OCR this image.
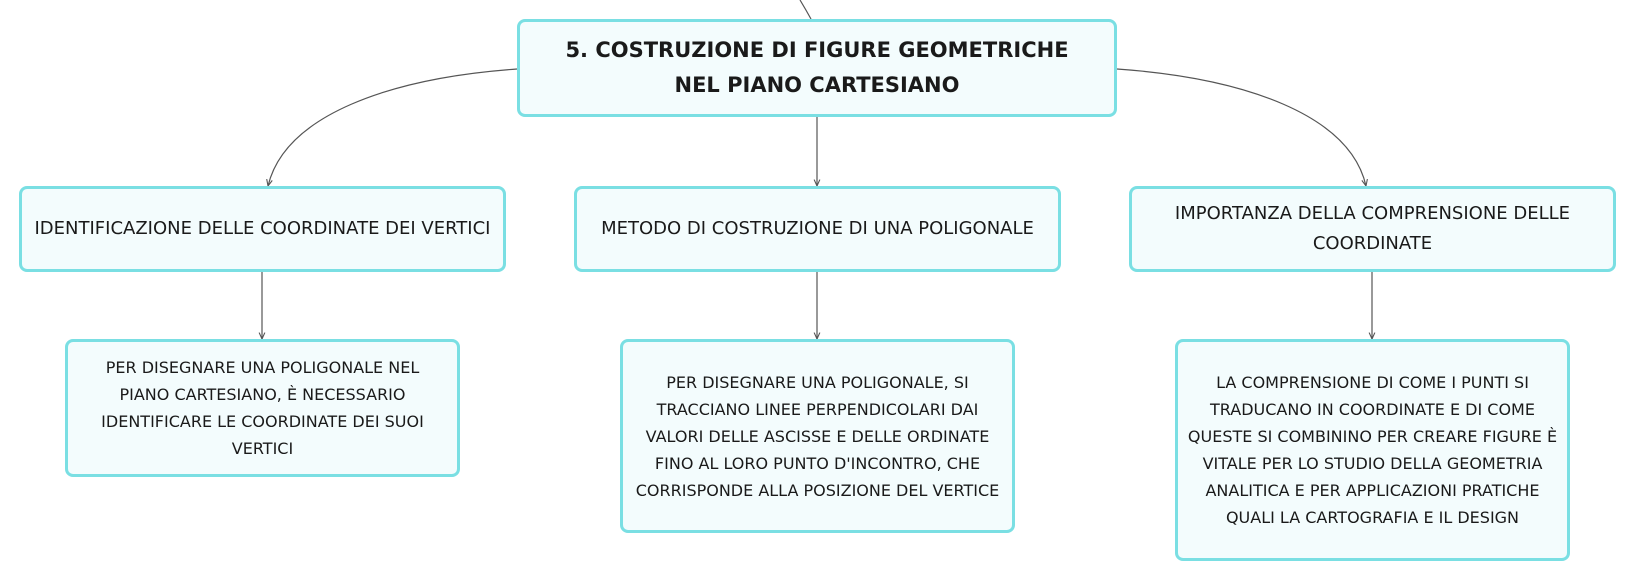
5. COSTRUZIONE DI FIGURE GEOMETRICHE NEL PIANO CARTESIANO
IDENTIFICAZIONE DELLE COORDINATE DEI VERTICI	METODO DI COSTRUZIONE DI UNA POLIGONALE
IMPORTANZA DELLA COMPRENSIONE DELLE COORDINATE
PER DISEGNARE UNA POLIGONALE NEL PIANO CARTESIANO, È NECESSARIO IDENTIFICARE LE COORDINATE DEI SUOI VERTICI
PER DISEGNARE UNA POLIGONALE, SI TRACCIANO LINEE PERPENDICOLARI DAI VALORI DELLE ASCISSE E DELLE ORDINATE FINO AL LORO PUNTO D'INCONTRO, CHE CORRISPONDE ALLA POSIZIONE DEL VERTICE
LA COMPRENSIONE DI COME I PUNTI SI TRADUCANO IN COORDINATE E DI COME QUESTE SI COMBININO PER CREARE FIGURE È VITALE PER LO STUDIO DELLA GEOMETRIA ANALITICA E PER APPLICAZIONI PRATICHE QUALI LA CARTOGRAFIA E IL DESIGN
